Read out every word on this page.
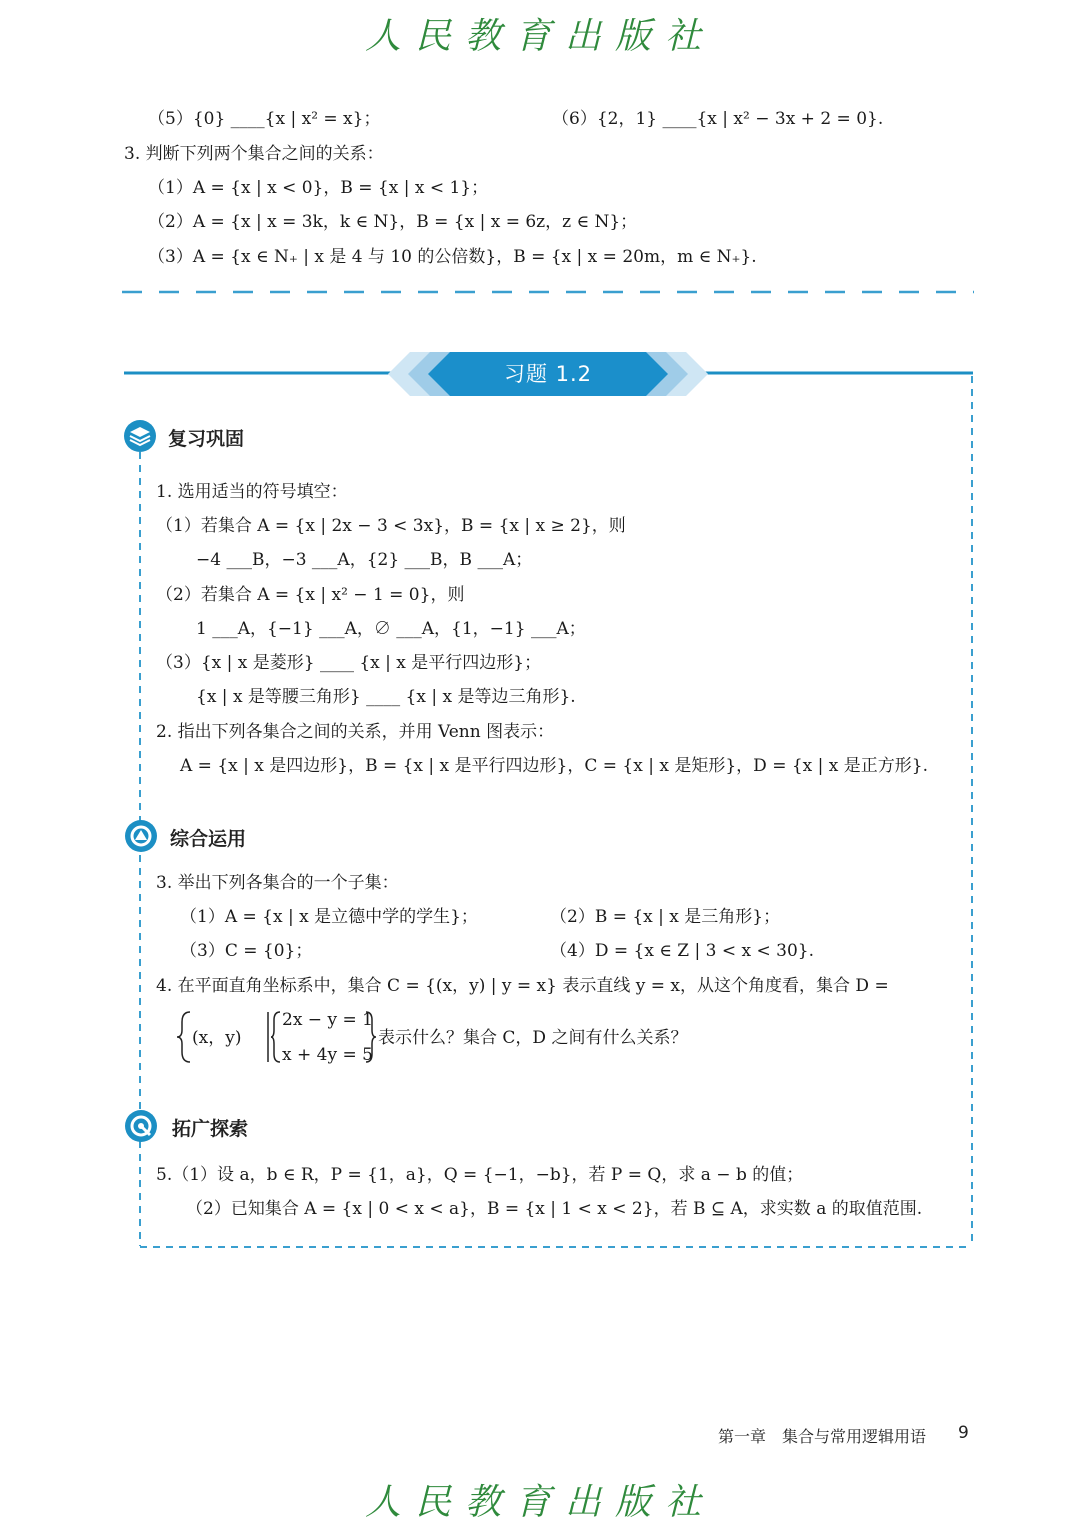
人民教育出版社
（5）{0} ____{x | x² = x}；	（6）{2，1} ____{x | x² − 3x + 2 = 0}.
3. 判断下列两个集合之间的关系：
（1）A = {x | x < 0}，B = {x | x < 1}；
（2）A = {x | x = 3k，k ∈ N}，B = {x | x = 6z，z ∈ N}；
（3）A = {x ∈ N₊ | x 是 4 与 10 的公倍数}，B = {x | x = 20m，m ∈ N₊}.
习题 1.2
复习巩固
1. 选用适当的符号填空：
（1）若集合 A = {x | 2x − 3 < 3x}，B = {x | x ≥ 2}，则
−4 ___B，−3 ___A，{2} ___B，B ___A；
（2）若集合 A = {x | x² − 1 = 0}，则
1 ___A，{−1} ___A，∅ ___A，{1，−1} ___A；
（3）{x | x 是菱形} ____ {x | x 是平行四边形}；
{x | x 是等腰三角形} ____ {x | x 是等边三角形}.
2. 指出下列各集合之间的关系，并用 Venn 图表示：
A = {x | x 是四边形}，B = {x | x 是平行四边形}，C = {x | x 是矩形}，D = {x | x 是正方形}.
综合运用
3. 举出下列各集合的一个子集：
（1）A = {x | x 是立德中学的学生}；	（2）B = {x | x 是三角形}；
（3）C = {0}；	（4）D = {x ∈ Z | 3 < x < 30}.
4. 在平面直角坐标系中，集合 C = {(x，y) | y = x} 表示直线 y = x，从这个角度看，集合 D =
(x，y)
2x − y = 1
x + 4y = 5
表示什么？集合 C，D 之间有什么关系？
拓广探索
5.（1）设 a，b ∈ R，P = {1，a}，Q = {−1，−b}，若 P = Q，求 a − b 的值；
（2）已知集合 A = {x | 0 < x < a}，B = {x | 1 < x < 2}，若 B ⊆ A，求实数 a 的取值范围.
第一章　集合与常用逻辑用语 9
人民教育出版社
